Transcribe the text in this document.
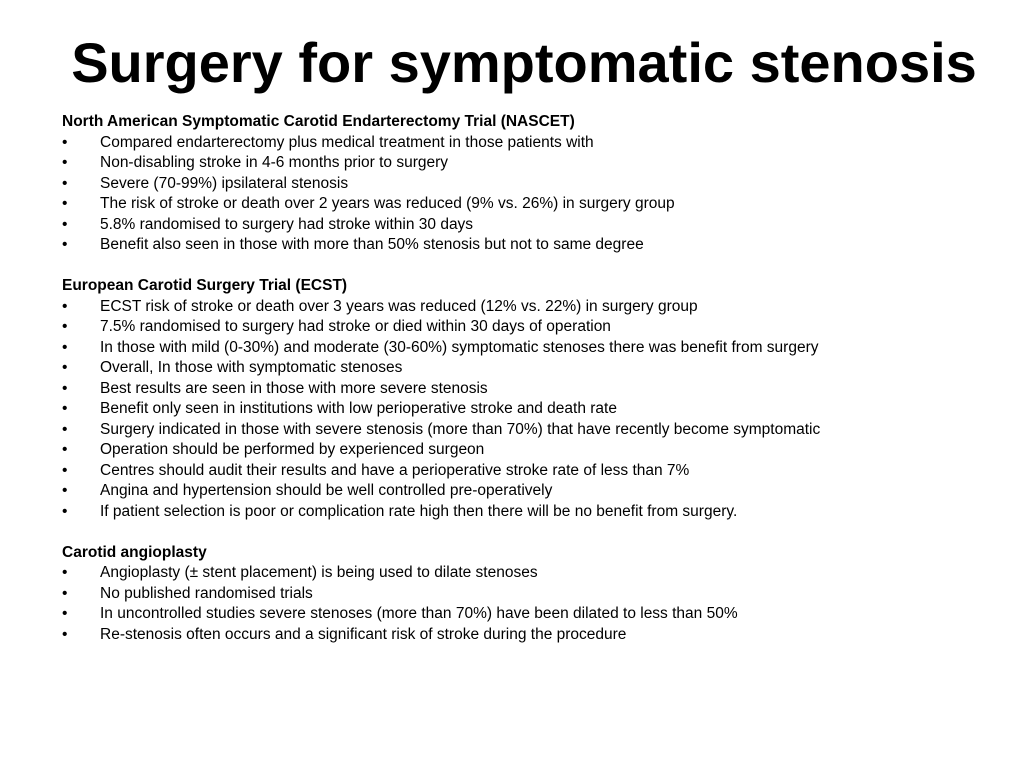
Surgery for symptomatic stenosis
North American Symptomatic Carotid Endarterectomy Trial (NASCET)
•	Compared endarterectomy plus medical treatment in those patients with
•	Non-disabling stroke in 4-6 months prior to surgery
•	Severe (70-99%) ipsilateral stenosis
•	The risk of stroke or death over 2 years was reduced (9% vs. 26%) in surgery group
•	5.8% randomised to surgery had stroke within 30 days
•	Benefit also seen in those with more than 50% stenosis but not to same degree
European Carotid Surgery Trial (ECST)
•	ECST risk of stroke or death over 3 years was reduced (12% vs. 22%) in surgery group
•	7.5% randomised to surgery had stroke or died within 30 days of operation
•	In those with mild (0-30%) and moderate (30-60%) symptomatic stenoses there was benefit from surgery
•	Overall, In those with symptomatic stenoses
•	Best results are seen in those with more severe stenosis
•	Benefit only seen in institutions with low perioperative stroke and death rate
•	Surgery indicated in those with severe stenosis (more than 70%) that have recently become symptomatic
•	Operation should be performed by experienced surgeon
•	Centres should audit their results and have a perioperative stroke rate of less than 7%
•	Angina and hypertension should be well controlled pre-operatively
•	If patient selection is poor or complication rate high then there will be no benefit from surgery.
Carotid angioplasty
•	Angioplasty (± stent placement) is being used to dilate stenoses
•	No published randomised trials
•	In uncontrolled studies severe stenoses (more than 70%) have been dilated to less than 50%
•	Re-stenosis often occurs and a significant risk of stroke during the procedure
